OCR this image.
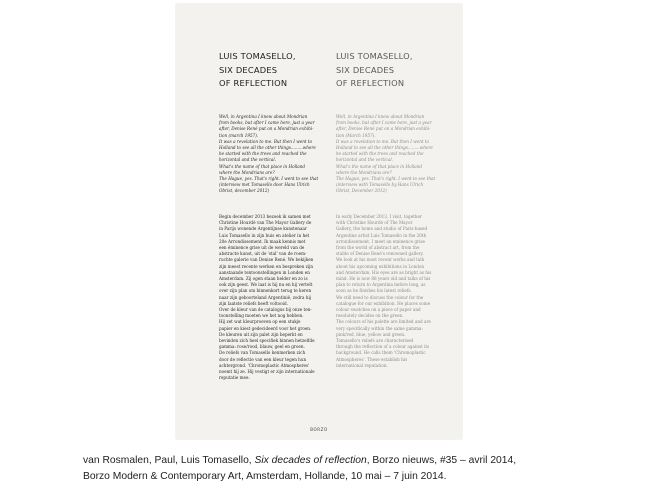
LUIS TOMASELLO,
SIX DECADES
OF REFLECTION
Well, in Argentina I knew about Mondrian
from books, but after I came here, just a year
after, Denise René put on a Mondrian exhibi-
tion (march 1957).
It was a revelation to me. But then I went to
Holland to see all the other things.........where
he started with the trees and reached the
horizontal and the vertical.
What's the name of that place in Holland
where the Mondrians are?
The Hague, yes. That's right. I went to see that
(interview met Tomasello door Hans Ulrich
Obrist, december 2012)
Begin december 2013 bezoek ik samen met
Christine Hourdé van The Mayor Gallery de
in Parijs wonende Argentijnse kunstenaar
Luis Tomasello in zijn huis en atelier in het
20e Arrondissement. Ik maak kennis met
een éminence grise uit de wereld van de
abstracte kunst, uit de 'stal' van de roem-
ruchte galerie van Denise René. We bekijken
zijn meest recente werken en bespreken zijn
aanstaande tentoonstellingen in Londen en
Amsterdam. Zij ogen staan helder en zo is
ook zijn geest. We laat is hij nu en hij vertelt
over zijn plan om binnenkort terug te keren
naar zijn geboorteland Argentinië, zodra hij
zijn laatste reliefs heeft voltooid.
Over de kleur van de catalogus bij onze ten-
toonstelling moeten we het nog hebben.
Hij zet wat kleurproeven op een stukje
papier en kiest gedecideerd voor het groen.
De kleuren uit zijn palet zijn beperkt en
bevinden zich heel specifiek binnen hetzelfde
gamma: rose/rood, blauw, geel en groen.
De reliefs van Tomasello kenmerken zich
door de reflectie van een kleur tegen hun
achtergrond. 'Chromoplastic Atmospheres'
noemt hij ze. Hij vestigt er zijn internationale
reputatie mee.
LUIS TOMASELLO,
SIX DECADES
OF REFLECTION
Well, in Argentina I knew about Mondrian
from books, but after I came here, just a year
after, Denise René put on a Mondrian exhibi-
tion (March 1957).
It was a revelation to me. But then I went to
Holland to see all the other things.........where
he started with the trees and reached the
horizontal and the vertical.
What's the name of that place in Holland
where the Mondrians are?
The Hague, yes. That's right. I went to see that
(interview with Tomasello by Hans Ulrich
Obrist, December 2012)
In early December 2013, I visit, together
with Christine Hourdé of The Mayor
Gallery, the home and studio of Paris-based
Argentine artist Luis Tomasello in the 20th
arrondissement. I meet an eminence grise
from the world of abstract art, from the
stable of Denise René's renowned gallery.
We look at his most recent works and talk
about his upcoming exhibitions in London
and Amsterdam. His eyes are as bright as his
mind. He is now 88 years old and talks of his
plan to return to Argentina before long, as
soon as he finishes his latest reliefs.
We still need to discuss the colour for the
catalogue for our exhibition. He places some
colour swatches on a piece of paper and
resolutely decides on the green.
The colours of his palette are limited and are
very specifically within the same gamma:
pink/red, blue, yellow and green.
Tomasello's reliefs are characterised
through the reflection of a colour against its
background. He calls them 'Chromoplastic
Atmospheres'. These establish his
international reputation.
BORZO
van Rosmalen, Paul, Luis Tomasello, Six decades of reflection, Borzo nieuws, #35 – avril 2014,
Borzo Modern & Contemporary Art, Amsterdam, Hollande, 10 mai – 7 juin 2014.
